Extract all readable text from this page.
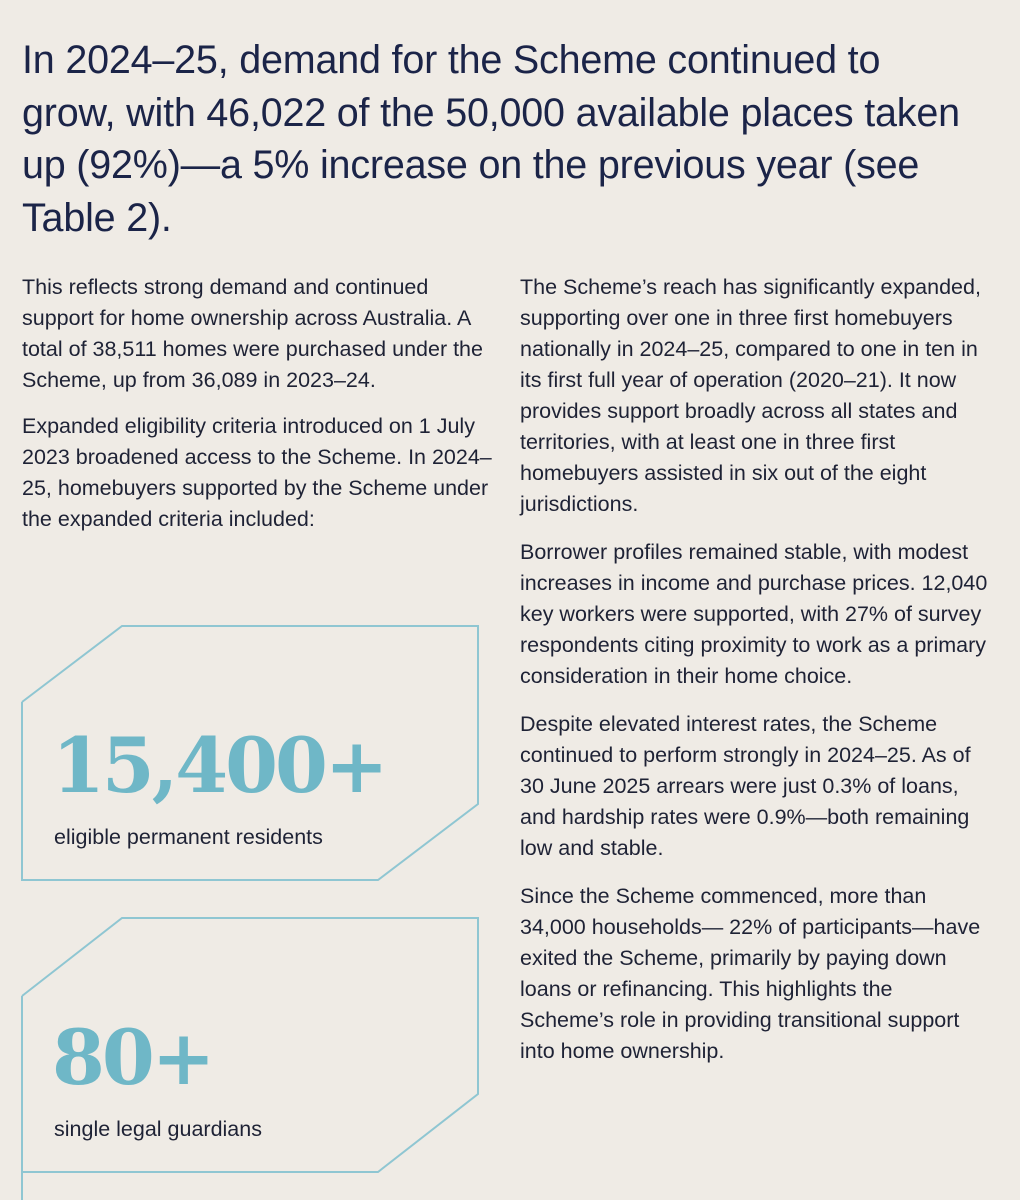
In 2024–25, demand for the Scheme continued to grow, with 46,022 of the 50,000 available places taken up (92%)—a 5% increase on the previous year (see Table 2).

This reflects strong demand and continued support for home ownership across Australia. A total of 38,511 homes were purchased under the Scheme, up from 36,089 in 2023–24.

Expanded eligibility criteria introduced on 1 July 2023 broadened access to the Scheme. In 2024–25, homebuyers supported by the Scheme under the expanded criteria included:

15,400+
eligible permanent residents
80+
single legal guardians

The Scheme’s reach has significantly expanded, supporting over one in three first homebuyers nationally in 2024–25, compared to one in ten in its first full year of operation (2020–21). It now provides support broadly across all states and territories, with at least one in three first homebuyers assisted in six out of the eight jurisdictions.

Borrower profiles remained stable, with modest increases in income and purchase prices. 12,040 key workers were supported, with 27% of survey respondents citing proximity to work as a primary consideration in their home choice.

Despite elevated interest rates, the Scheme continued to perform strongly in 2024–25. As of 30 June 2025 arrears were just 0.3% of loans, and hardship rates were 0.9%—both remaining low and stable.

Since the Scheme commenced, more than 34,000 households— 22% of participants—have exited the Scheme, primarily by paying down loans or refinancing. This highlights the Scheme’s role in providing transitional support into home ownership.
